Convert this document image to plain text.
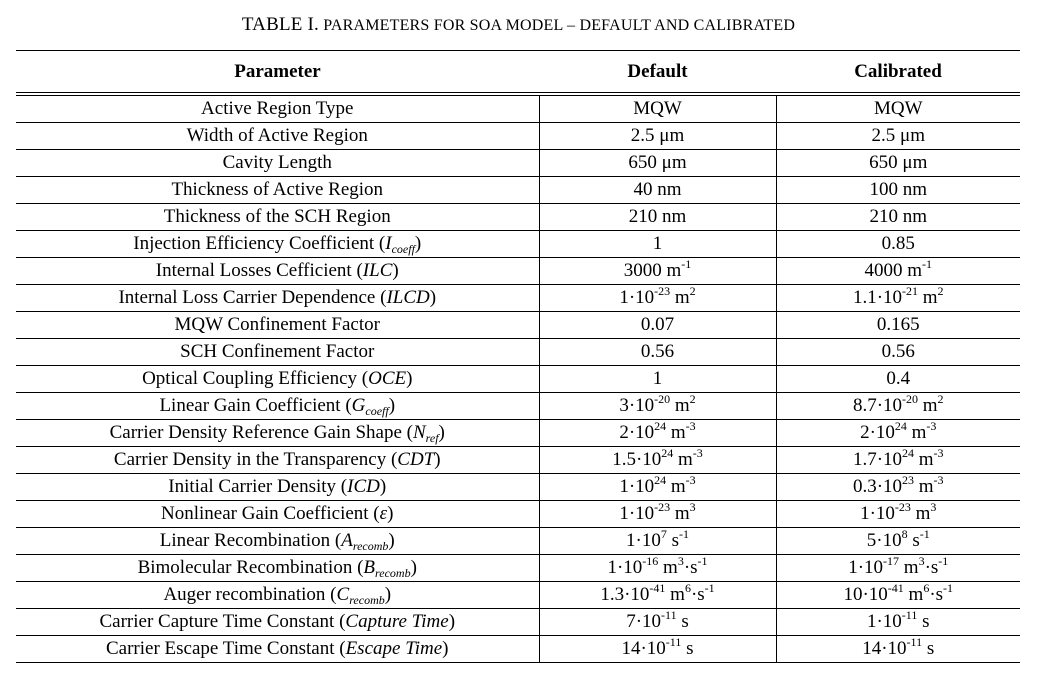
TABLE I. PARAMETERS FOR SOA MODEL – DEFAULT AND CALIBRATED
Parameter	Default	Calibrated
Active Region Type	MQW	MQW
Width of Active Region	2.5 μm	2.5 μm
Cavity Length	650 μm	650 μm
Thickness of Active Region	40 nm	100 nm
Thickness of the SCH Region	210 nm	210 nm
Injection Efficiency Coefficient $(I_{coeff})$	1	0.85
Internal Losses Cefficient (ILC)	3000 $m^{-1}$	4000 $m^{-1}$
Internal Loss Carrier Dependence (ILCD)	$1\cdot 10^{-23}$ $m^2$	$1.1\cdot 10^{-21}$ $m^2$
MQW Confinement Factor	0.07	0.165
SCH Confinement Factor	0.56	0.56
Optical Coupling Efficiency (OCE)	1	0.4
Linear Gain Coefficient $(G_{coeff})$	$3\cdot 10^{-20}$ $m^2$	$8.7\cdot 10^{-20}$ $m^2$
Carrier Density Reference Gain Shape $(N_{ref})$	$2\cdot 10^{24}$ $m^{-3}$	$2\cdot 10^{24}$ $m^{-3}$
Carrier Density in the Transparency (CDT)	$1.5\cdot 10^{24}$ $m^{-3}$	$1.7\cdot 10^{24}$ $m^{-3}$
Initial Carrier Density (ICD)	$1\cdot 10^{24}$ $m^{-3}$	$0.3\cdot 10^{23}$ $m^{-3}$
Nonlinear Gain Coefficient (ε)	$1\cdot 10^{-23}$ $m^3$	$1\cdot 10^{-23}$ $m^3$
Linear Recombination $(A_{recomb})$	$1\cdot 10^7$ $s^{-1}$	$5\cdot 10^8$ $s^{-1}$
Bimolecular Recombination $(B_{recomb})$	$1\cdot 10^{-16}$ $m^3\cdot s^{-1}$	$1\cdot 10^{-17}$ $m^3\cdot s^{-1}$
Auger recombination $(C_{recomb})$	$1.3\cdot 10^{-41}$ $m^6\cdot s^{-1}$	$10\cdot 10^{-41}$ $m^6\cdot s^{-1}$
Carrier Capture Time Constant (Capture Time)	$7\cdot 10^{-11}$ s	$1\cdot 10^{-11}$ s
Carrier Escape Time Constant (Escape Time)	$14\cdot 10^{-11}$ s	$14\cdot 10^{-11}$ s
